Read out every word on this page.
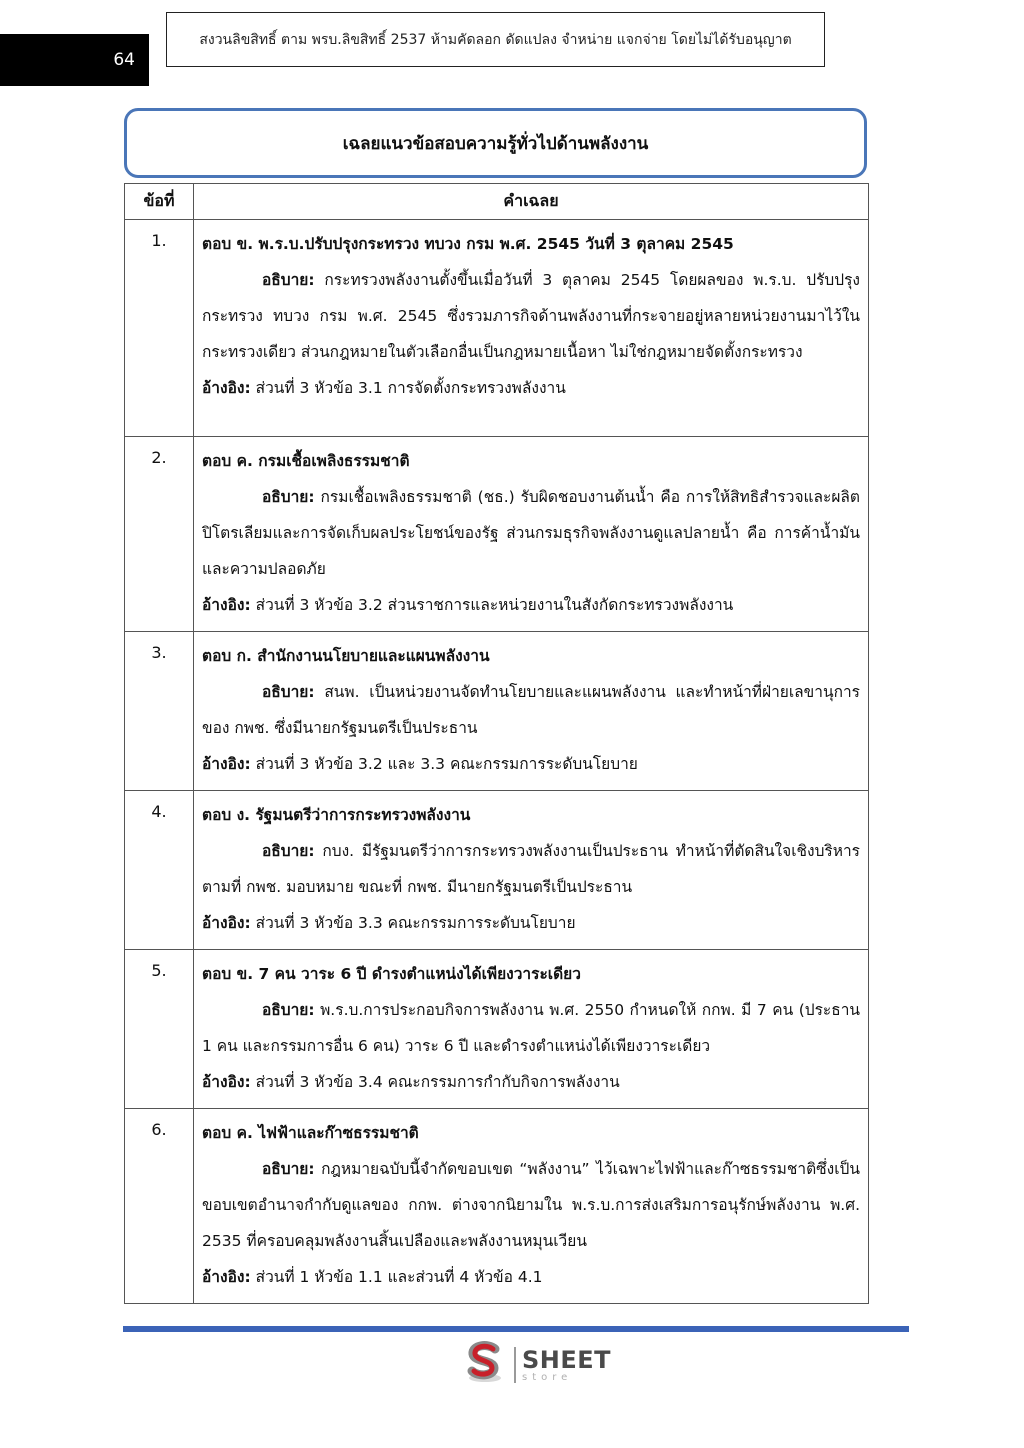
64
สงวนลิขสิทธิ์ ตาม พรบ.ลิขสิทธิ์ 2537 ห้ามคัดลอก ดัดแปลง จำหน่าย แจกจ่าย โดยไม่ได้รับอนุญาต
เฉลยแนวข้อสอบความรู้ทั่วไปด้านพลังงาน
ข้อที่	คำเฉลย
1.	ตอบ ข. พ.ร.บ.ปรับปรุงกระทรวง ทบวง กรม พ.ศ. 2545 วันที่ 3 ตุลาคม 2545
อธิบาย: กระทรวงพลังงานตั้งขึ้นเมื่อวันที่ 3 ตุลาคม 2545 โดยผลของ พ.ร.บ. ปรับปรุงกระทรวง ทบวง กรม พ.ศ. 2545 ซึ่งรวมภารกิจด้านพลังงานที่กระจายอยู่หลายหน่วยงานมาไว้ในกระทรวงเดียว ส่วนกฎหมายในตัวเลือกอื่นเป็นกฎหมายเนื้อหา ไม่ใช่กฎหมายจัดตั้งกระทรวง
อ้างอิง: ส่วนที่ 3 หัวข้อ 3.1 การจัดตั้งกระทรวงพลังงาน

2.	ตอบ ค. กรมเชื้อเพลิงธรรมชาติ
อธิบาย: กรมเชื้อเพลิงธรรมชาติ (ชธ.) รับผิดชอบงานต้นน้ำ คือ การให้สิทธิสำรวจและผลิตปิโตรเลียมและการจัดเก็บผลประโยชน์ของรัฐ ส่วนกรมธุรกิจพลังงานดูแลปลายน้ำ คือ การค้าน้ำมันและความปลอดภัย
อ้างอิง: ส่วนที่ 3 หัวข้อ 3.2 ส่วนราชการและหน่วยงานในสังกัดกระทรวงพลังงาน

3.	ตอบ ก. สำนักงานนโยบายและแผนพลังงาน
อธิบาย: สนพ. เป็นหน่วยงานจัดทำนโยบายและแผนพลังงาน และทำหน้าที่ฝ่ายเลขานุการของ กพช. ซึ่งมีนายกรัฐมนตรีเป็นประธาน
อ้างอิง: ส่วนที่ 3 หัวข้อ 3.2 และ 3.3 คณะกรรมการระดับนโยบาย

4.	ตอบ ง. รัฐมนตรีว่าการกระทรวงพลังงาน
อธิบาย: กบง. มีรัฐมนตรีว่าการกระทรวงพลังงานเป็นประธาน ทำหน้าที่ตัดสินใจเชิงบริหารตามที่ กพช. มอบหมาย ขณะที่ กพช. มีนายกรัฐมนตรีเป็นประธาน
อ้างอิง: ส่วนที่ 3 หัวข้อ 3.3 คณะกรรมการระดับนโยบาย

5.	ตอบ ข. 7 คน วาระ 6 ปี ดำรงตำแหน่งได้เพียงวาระเดียว
อธิบาย: พ.ร.บ.การประกอบกิจการพลังงาน พ.ศ. 2550 กำหนดให้ กกพ. มี 7 คน (ประธาน 1 คน และกรรมการอื่น 6 คน) วาระ 6 ปี และดำรงตำแหน่งได้เพียงวาระเดียว
อ้างอิง: ส่วนที่ 3 หัวข้อ 3.4 คณะกรรมการกำกับกิจการพลังงาน

6.	ตอบ ค. ไฟฟ้าและก๊าซธรรมชาติ
อธิบาย: กฎหมายฉบับนี้จำกัดขอบเขต “พลังงาน” ไว้เฉพาะไฟฟ้าและก๊าซธรรมชาติซึ่งเป็นขอบเขตอำนาจกำกับดูแลของ กกพ. ต่างจากนิยามใน พ.ร.บ.การส่งเสริมการอนุรักษ์พลังงาน พ.ศ. 2535 ที่ครอบคลุมพลังงานสิ้นเปลืองและพลังงานหมุนเวียน
อ้างอิง: ส่วนที่ 1 หัวข้อ 1.1 และส่วนที่ 4 หัวข้อ 4.1
SHEET
store
